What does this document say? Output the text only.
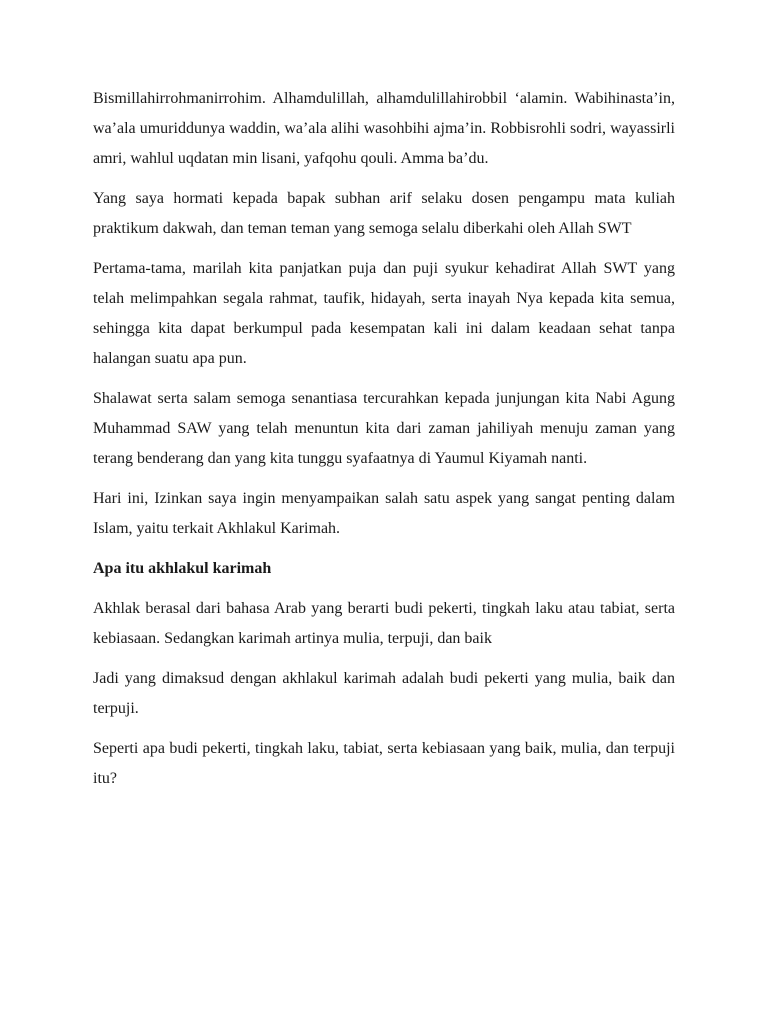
Bismillahirrohmanirrohim. Alhamdulillah, alhamdulillahirobbil ‘alamin. Wabihinasta’in, wa’ala umuriddunya waddin, wa’ala alihi wasohbihi ajma’in. Robbisrohli sodri, wayassirli amri, wahlul uqdatan min lisani, yafqohu qouli. Amma ba’du.

Yang saya hormati kepada bapak subhan arif selaku dosen pengampu mata kuliah praktikum dakwah, dan teman teman yang semoga selalu diberkahi oleh Allah SWT

Pertama-tama, marilah kita panjatkan puja dan puji syukur kehadirat Allah SWT yang telah melimpahkan segala rahmat, taufik, hidayah, serta inayah Nya kepada kita semua, sehingga kita dapat berkumpul pada kesempatan kali ini dalam keadaan sehat tanpa halangan suatu apa pun.

Shalawat serta salam semoga senantiasa tercurahkan kepada junjungan kita Nabi Agung Muhammad SAW yang telah menuntun kita dari zaman jahiliyah menuju zaman yang terang benderang dan yang kita tunggu syafaatnya di Yaumul Kiyamah nanti.

Hari ini, Izinkan saya ingin menyampaikan salah satu aspek yang sangat penting dalam Islam, yaitu terkait Akhlakul Karimah.

Apa itu akhlakul karimah

Akhlak berasal dari bahasa Arab yang berarti budi pekerti, tingkah laku atau tabiat, serta kebiasaan. Sedangkan karimah artinya mulia, terpuji, dan baik

Jadi yang dimaksud dengan akhlakul karimah adalah budi pekerti yang mulia, baik dan terpuji.

Seperti apa budi pekerti, tingkah laku, tabiat, serta kebiasaan yang baik, mulia, dan terpuji itu?
